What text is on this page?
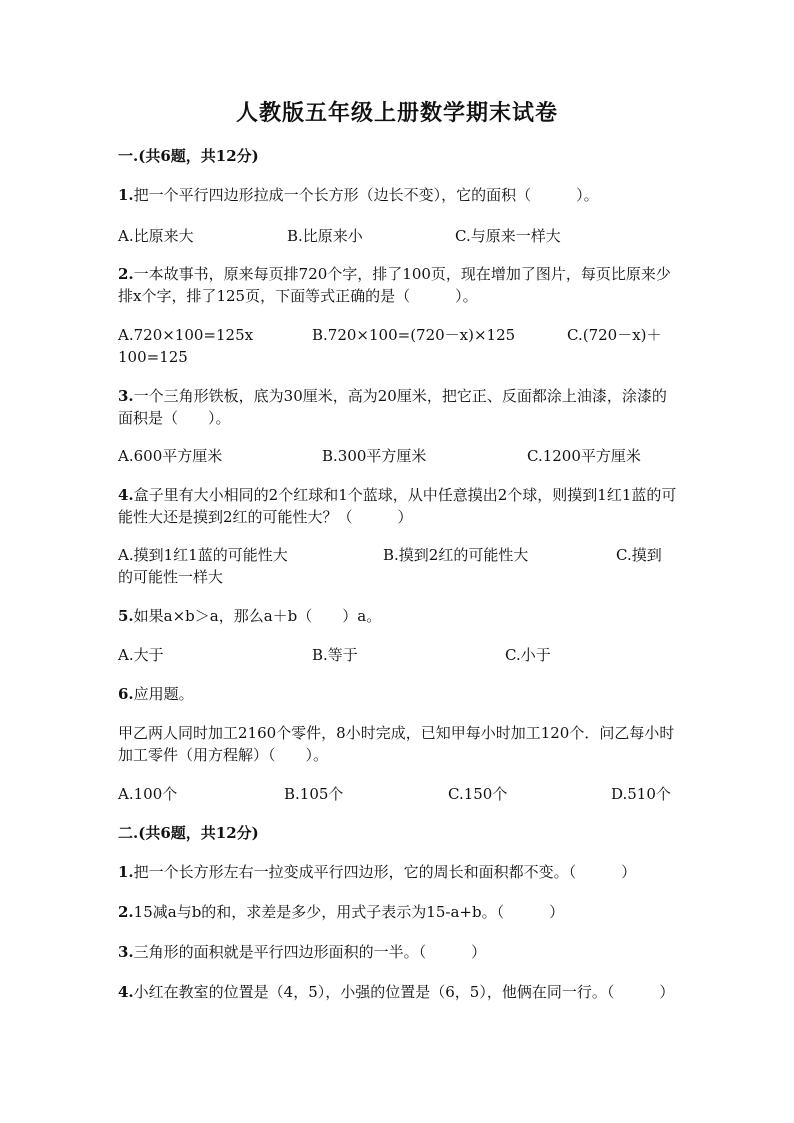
人教版五年级上册数学期末试卷
一.(共6题，共12分)
1.把一个平行四边形拉成一个长方形（边长不变），它的面积（　　　）。
A.比原来大	B.比原来小	C.与原来一样大
2.一本故事书，原来每页排720个字，排了100页，现在增加了图片，每页比原来少排x个字，排了125页，下面等式正确的是（　　　）。
A.720×100=125x	B.720×100=(720－x)×125	C.(720－x)＋
100=125
3.一个三角形铁板，底为30厘米，高为20厘米，把它正、反面都涂上油漆，涂漆的面积是（　　）。
A.600平方厘米	B.300平方厘米	C.1200平方厘米
4.盒子里有大小相同的2个红球和1个蓝球，从中任意摸出2个球，则摸到1红1蓝的可能性大还是摸到2红的可能性大？（　　　）
A.摸到1红1蓝的可能性大	B.摸到2红的可能性大	C.摸到
的可能性一样大
5.如果a×b＞a，那么a＋b（　　）a。
A.大于	B.等于	C.小于
6.应用题。
甲乙两人同时加工2160个零件，8小时完成，已知甲每小时加工120个．问乙每小时加工零件（用方程解）（　　）。
A.100个	B.105个	C.150个	D.510个
二.(共6题，共12分)
1.把一个长方形左右一拉变成平行四边形，它的周长和面积都不变。（　　　）
2.15减a与b的和，求差是多少，用式子表示为15-a+b。（　　　）
3.三角形的面积就是平行四边形面积的一半。（　　　）
4.小红在教室的位置是（4，5），小强的位置是（6，5），他俩在同一行。（　　　）
